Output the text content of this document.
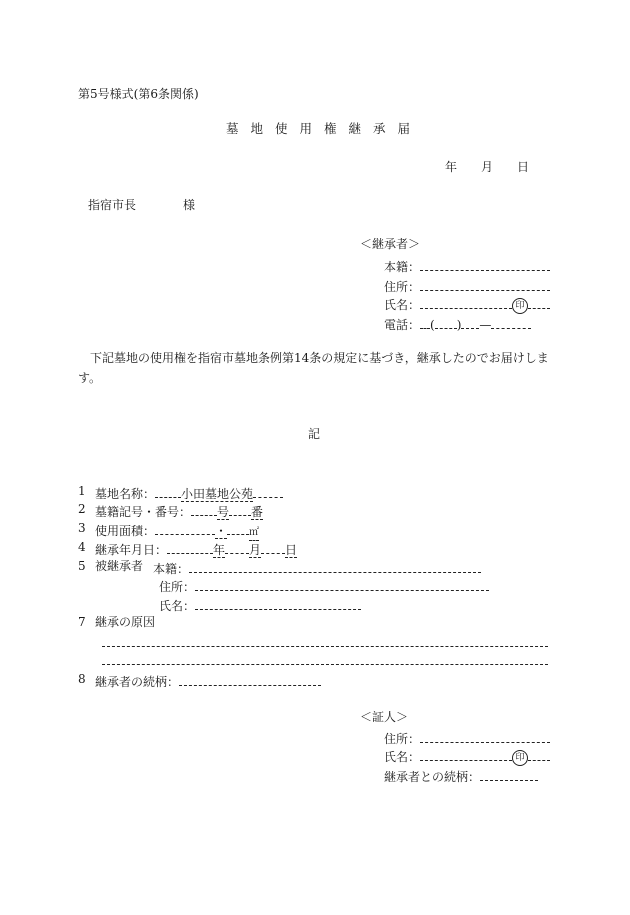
第5号様式(第6条関係)
墓地使用権継承届
年 月 日
指宿市長	様
＜継承者＞
本籍：
住所：
氏名：	印
電話： ( ) —
下記墓地の使用権を指宿市墓地条例第14条の規定に基づき，継承したのでお届けしま
す。
記
1 墓地名称： 小田墓地公苑
2 墓籍記号・番号： 号 番
3 使用面積：	・ ㎡
4 継承年月日：	年 月 日
5 被継承者 本籍：
住所：
氏名：
7 継承の原因
8 継承者の続柄：
＜証人＞
住所：
氏名：	印
継承者との続柄：
